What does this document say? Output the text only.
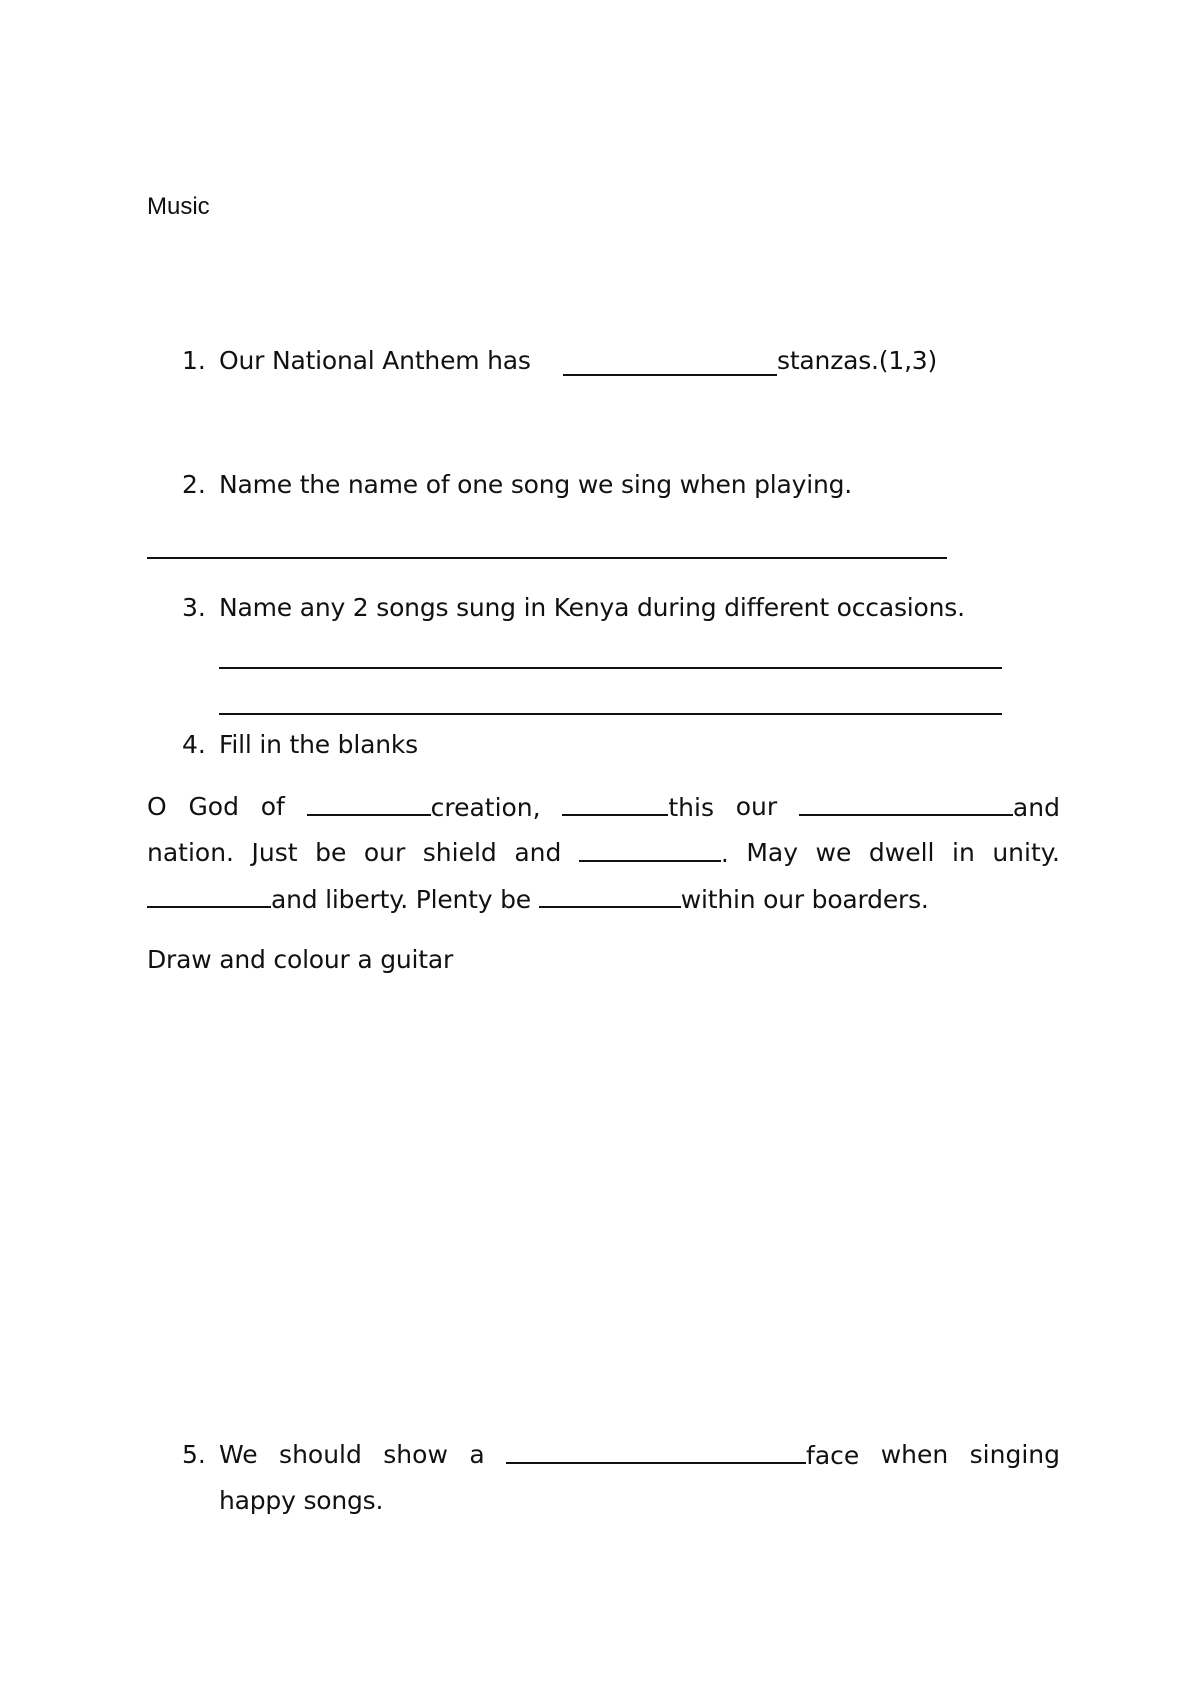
Music
1. Our National Anthem has	stanzas.(1,3)
2. Name the name of one song we sing when playing.
3. Name any 2 songs sung in Kenya during different occasions.
4. Fill in the blanks
O God of	creation,	this our	and
nation. Just be our shield and	. May we dwell in unity.
and liberty. Plenty be	within our boarders.
Draw and colour a guitar
5. We should show a	face when singing
happy songs.
